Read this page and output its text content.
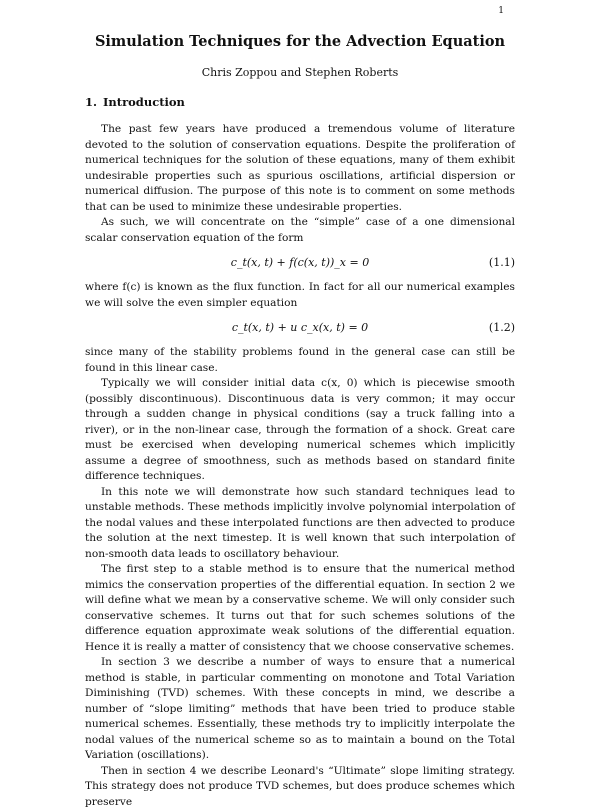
1
Simulation Techniques for the Advection Equation
Chris Zoppou and Stephen Roberts
1. Introduction

The past few years have produced a tremendous volume of literature devoted to the solution of conservation equations. Despite the proliferation of numerical techniques for the solution of these equations, many of them exhibit undesirable properties such as spurious oscillations, artificial dispersion or numerical diffusion. The purpose of this note is to comment on some methods that can be used to minimize these undesirable properties.

As such, we will concentrate on the “simple” case of a one dimensional scalar conservation equation of the form

c_t(x, t) + f(c(x, t))_x = 0	(1.1)

where f(c) is known as the flux function. In fact for all our numerical examples we will solve the even simpler equation

c_t(x, t) + u c_x(x, t) = 0	(1.2)

since many of the stability problems found in the general case can still be found in this linear case.

Typically we will consider initial data c(x, 0) which is piecewise smooth (possibly discontinuous). Discontinuous data is very common; it may occur through a sudden change in physical conditions (say a truck falling into a river), or in the non-linear case, through the formation of a shock. Great care must be exercised when developing numerical schemes which implicitly assume a degree of smoothness, such as methods based on standard finite difference techniques.

In this note we will demonstrate how such standard techniques lead to unstable methods. These methods implicitly involve polynomial interpolation of the nodal values and these interpolated functions are then advected to produce the solution at the next timestep. It is well known that such interpolation of non-smooth data leads to oscillatory behaviour.

The first step to a stable method is to ensure that the numerical method mimics the conservation properties of the differential equation. In section 2 we will define what we mean by a conservative scheme. We will only consider such conservative schemes. It turns out that for such schemes solutions of the difference equation approximate weak solutions of the differential equation. Hence it is really a matter of consistency that we choose conservative schemes.

In section 3 we describe a number of ways to ensure that a numerical method is stable, in particular commenting on monotone and Total Variation Diminishing (TVD) schemes. With these concepts in mind, we describe a number of “slope limiting” methods that have been tried to produce stable numerical schemes. Essentially, these methods try to implicitly interpolate the nodal values of the numerical scheme so as to maintain a bound on the Total Variation (oscillations).

Then in section 4 we describe Leonard's “Ultimate” slope limiting strategy. This strategy does not produce TVD schemes, but does produce schemes which preserve
